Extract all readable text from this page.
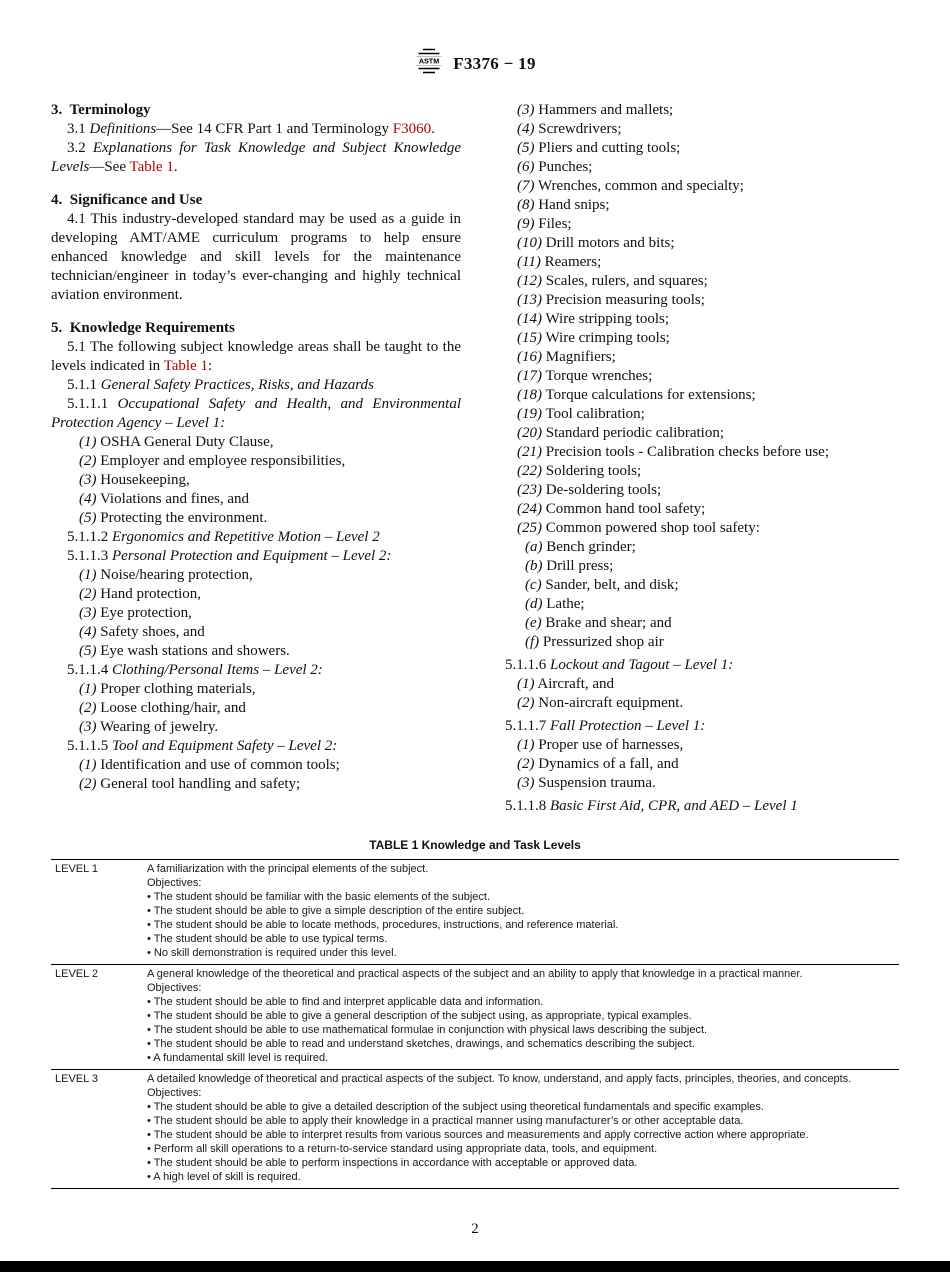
ASTM F3376 − 19
3.  Terminology
3.1 Definitions—See 14 CFR Part 1 and Terminology F3060.
3.2 Explanations for Task Knowledge and Subject Knowledge Levels—See Table 1.
4.  Significance and Use
4.1 This industry-developed standard may be used as a guide in developing AMT/AME curriculum programs to help ensure enhanced knowledge and skill levels for the maintenance technician/engineer in today’s ever-changing and highly technical aviation environment.
5.  Knowledge Requirements
5.1 The following subject knowledge areas shall be taught to the levels indicated in Table 1:
5.1.1 General Safety Practices, Risks, and Hazards
5.1.1.1 Occupational Safety and Health, and Environmental Protection Agency – Level 1:
(1) OSHA General Duty Clause,
(2) Employer and employee responsibilities,
(3) Housekeeping,
(4) Violations and fines, and
(5) Protecting the environment.
5.1.1.2 Ergonomics and Repetitive Motion – Level 2
5.1.1.3 Personal Protection and Equipment – Level 2:
(1) Noise/hearing protection,
(2) Hand protection,
(3) Eye protection,
(4) Safety shoes, and
(5) Eye wash stations and showers.
5.1.1.4 Clothing/Personal Items – Level 2:
(1) Proper clothing materials,
(2) Loose clothing/hair, and
(3) Wearing of jewelry.
5.1.1.5 Tool and Equipment Safety – Level 2:
(1) Identification and use of common tools;
(2) General tool handling and safety;
(3) Hammers and mallets;
(4) Screwdrivers;
(5) Pliers and cutting tools;
(6) Punches;
(7) Wrenches, common and specialty;
(8) Hand snips;
(9) Files;
(10) Drill motors and bits;
(11) Reamers;
(12) Scales, rulers, and squares;
(13) Precision measuring tools;
(14) Wire stripping tools;
(15) Wire crimping tools;
(16) Magnifiers;
(17) Torque wrenches;
(18) Torque calculations for extensions;
(19) Tool calibration;
(20) Standard periodic calibration;
(21) Precision tools - Calibration checks before use;
(22) Soldering tools;
(23) De-soldering tools;
(24) Common hand tool safety;
(25) Common powered shop tool safety:
(a) Bench grinder;
(b) Drill press;
(c) Sander, belt, and disk;
(d) Lathe;
(e) Brake and shear; and
(f) Pressurized shop air
5.1.1.6 Lockout and Tagout – Level 1:
(1) Aircraft, and
(2) Non-aircraft equipment.
5.1.1.7 Fall Protection – Level 1:
(1) Proper use of harnesses,
(2) Dynamics of a fall, and
(3) Suspension trauma.
5.1.1.8 Basic First Aid, CPR, and AED – Level 1
TABLE 1 Knowledge and Task Levels
LEVEL 1	A familiarization with the principal elements of the subject.
Objectives:
• The student should be familiar with the basic elements of the subject.
• The student should be able to give a simple description of the entire subject.
• The student should be able to locate methods, procedures, instructions, and reference material.
• The student should be able to use typical terms.
• No skill demonstration is required under this level.

LEVEL 2	A general knowledge of the theoretical and practical aspects of the subject and an ability to apply that knowledge in a practical manner.
Objectives:
• The student should be able to find and interpret applicable data and information.
• The student should be able to give a general description of the subject using, as appropriate, typical examples.
• The student should be able to use mathematical formulae in conjunction with physical laws describing the subject.
• The student should be able to read and understand sketches, drawings, and schematics describing the subject.
• A fundamental skill level is required.

LEVEL 3	A detailed knowledge of theoretical and practical aspects of the subject. To know, understand, and apply facts, principles, theories, and concepts.
Objectives:
• The student should be able to give a detailed description of the subject using theoretical fundamentals and specific examples.
• The student should be able to apply their knowledge in a practical manner using manufacturer’s or other acceptable data.
• The student should be able to interpret results from various sources and measurements and apply corrective action where appropriate.
• Perform all skill operations to a return-to-service standard using appropriate data, tools, and equipment.
• The student should be able to perform inspections in accordance with acceptable or approved data.
• A high level of skill is required.
2
